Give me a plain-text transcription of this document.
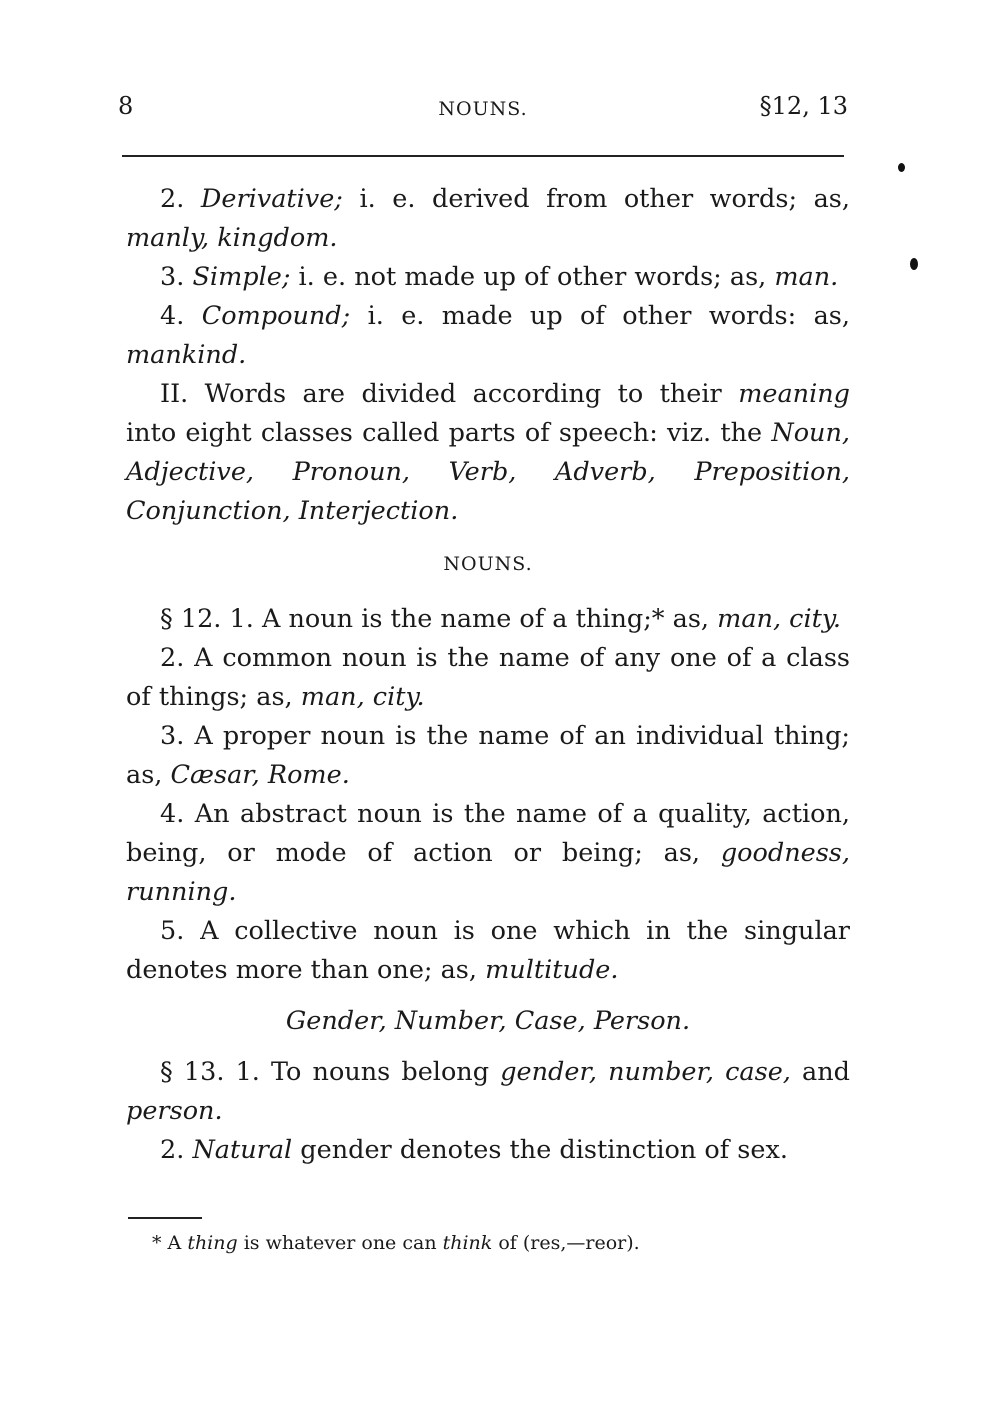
8	NOUNS.	§12, 13

2. Derivative; i. e. derived from other words; as, manly, kingdom.

3. Simple; i. e. not made up of other words; as, man.

4. Compound; i. e. made up of other words: as, mankind.

II. Words are divided according to their meaning into eight classes called parts of speech: viz. the Noun, Adjective, Pronoun, Verb, Adverb, Preposition, Conjunction, Interjection.

NOUNS.

§ 12. 1. A noun is the name of a thing;* as, man, city.

2. A common noun is the name of any one of a class of things; as, man, city.

3. A proper noun is the name of an individual thing; as, Cæsar, Rome.

4. An abstract noun is the name of a quality, action, being, or mode of action or being; as, goodness, running.

5. A collective noun is one which in the singular denotes more than one; as, multitude.

Gender, Number, Case, Person.

§ 13. 1. To nouns belong gender, number, case, and person.

2. Natural gender denotes the distinction of sex.

* A thing is whatever one can think of (res,—reor).
